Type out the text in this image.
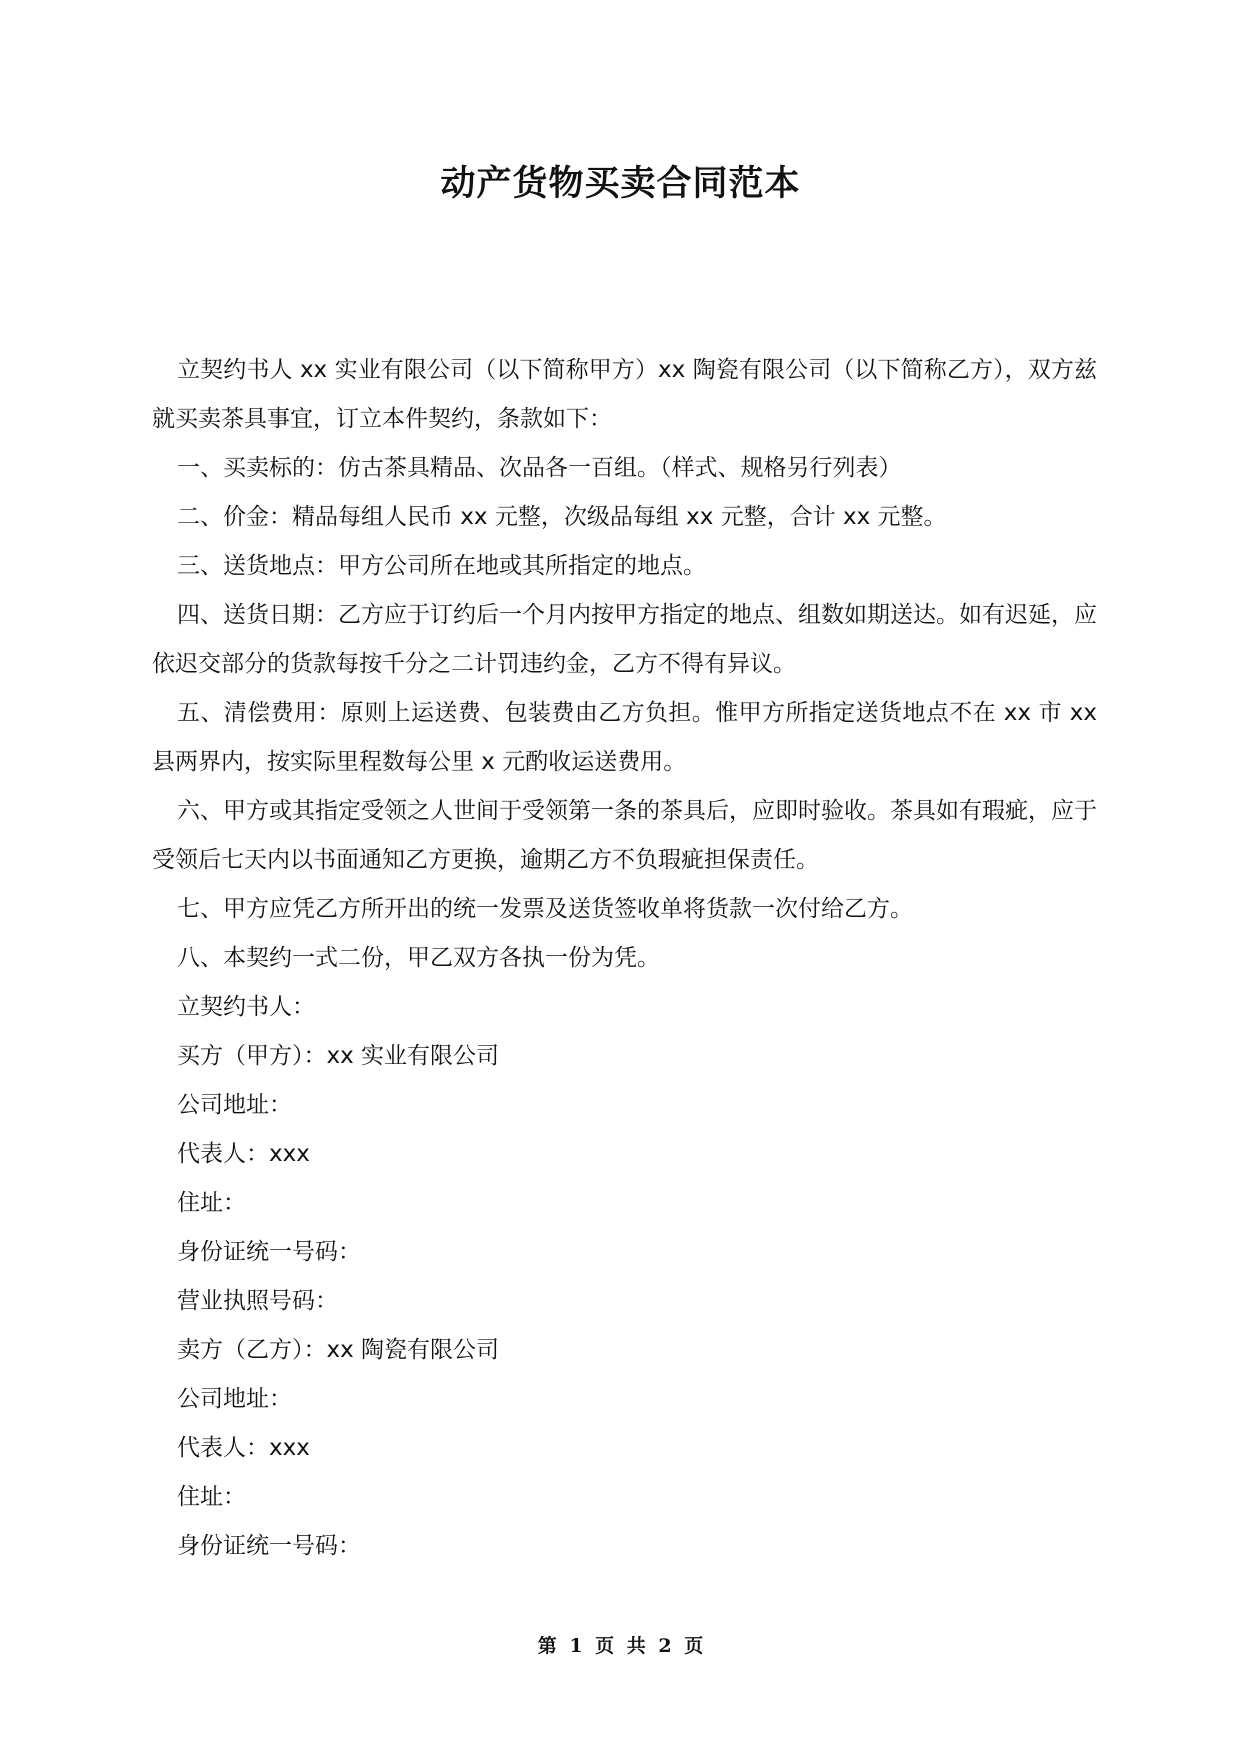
动产货物买卖合同范本

立契约书人 xx 实业有限公司（以下简称甲方）xx 陶瓷有限公司（以下简称乙方），双方兹就买卖茶具事宜，订立本件契约，条款如下：

一、买卖标的：仿古茶具精品、次品各一百组。（样式、规格另行列表）

二、价金：精品每组人民币 xx 元整，次级品每组 xx 元整，合计 xx 元整。

三、送货地点：甲方公司所在地或其所指定的地点。

四、送货日期：乙方应于订约后一个月内按甲方指定的地点、组数如期送达。如有迟延，应依迟交部分的货款每按千分之二计罚违约金，乙方不得有异议。

五、清偿费用：原则上运送费、包装费由乙方负担。惟甲方所指定送货地点不在 xx 市 xx 县两界内，按实际里程数每公里 x 元酌收运送费用。

六、甲方或其指定受领之人世间于受领第一条的茶具后，应即时验收。茶具如有瑕疵，应于受领后七天内以书面通知乙方更换，逾期乙方不负瑕疵担保责任。

七、甲方应凭乙方所开出的统一发票及送货签收单将货款一次付给乙方。

八、本契约一式二份，甲乙双方各执一份为凭。

立契约书人：

买方（甲方）：xx 实业有限公司

公司地址：

代表人：xxx

住址：

身份证统一号码：

营业执照号码：

卖方（乙方）：xx 陶瓷有限公司

公司地址：

代表人：xxx

住址：

身份证统一号码：

第 1 页 共 2 页
